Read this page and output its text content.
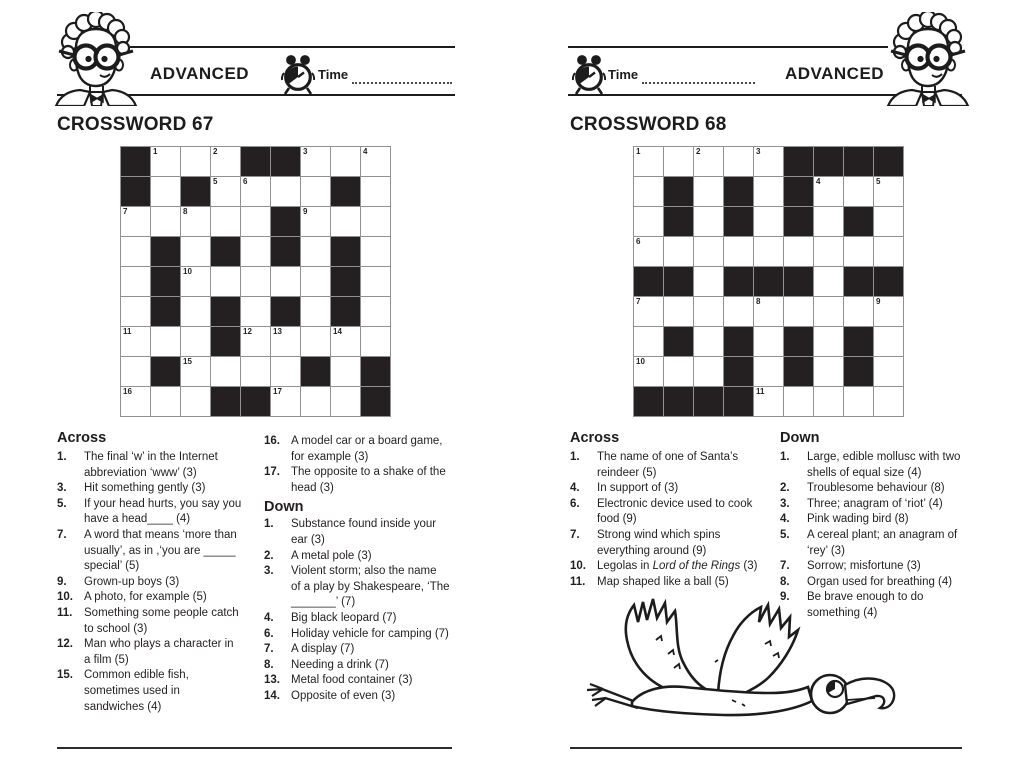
ADVANCED	Time
CROSSWORD 67
1	2	3	4
5	6
7	8	9
10
11	12	13	14
15
16	17
Across
1.	The final ‘w’ in the Internet
abbreviation ‘www’ (3)
3.	Hit something gently (3)
5.	If your head hurts, you say you
have a head____ (4)
7.	A word that means ‘more than
usually’, as in ,‘you are _____
special’ (5)
9.	Grown-up boys (3)
10. A photo, for example (5)
11.	Something some people catch
to school (3)
12. Man who plays a character in
a film (5)
15. Common edible fish,
sometimes used in
sandwiches (4)
16. A model car or a board game,
for example (3)
17. The opposite to a shake of the
head (3)
Down
1.	Substance found inside your
ear (3)
2.	A metal pole (3)
3.	Violent storm; also the name
of a play by Shakespeare, ‘The
_______’ (7)
4.	Big black leopard (7)
6.	Holiday vehicle for camping (7)
7.	A display (7)
8.	Needing a drink (7)
13. Metal food container (3)
14. Opposite of even (3)
Time	ADVANCED
CROSSWORD 68
1	2	3
4	5
6
7	8	9
10
11
Across
1.	The name of one of Santa’s
reindeer (5)
4.	In support of (3)
6.	Electronic device used to cook
food (9)
7.	Strong wind which spins
everything around (9)
10. Legolas in Lord of the Rings (3)
11.	Map shaped like a ball (5)
Down
1.	Large, edible mollusc with two
shells of equal size (4)
2.	Troublesome behaviour (8)
3.	Three; anagram of ‘riot’ (4)
4.	Pink wading bird (8)
5.	A cereal plant; an anagram of
‘rey’ (3)
7.	Sorrow; misfortune (3)
8.	Organ used for breathing (4)
9.	Be brave enough to do
something (4)
